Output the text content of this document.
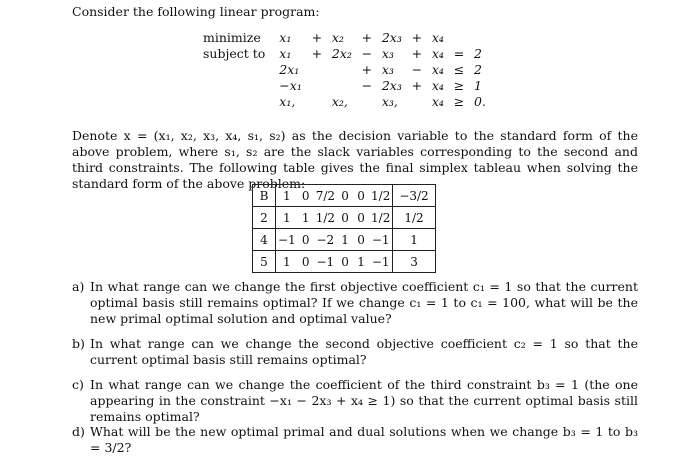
Consider the following linear program:
minimize	x₁	+	x₂	+	2x₃	+	x₄		
subject to	x₁	+	2x₂	−	x₃	+	x₄	=	2
	2x₁			+	x₃	−	x₄	≤	2
	−x₁			−	2x₃	+	x₄	≥	1
	x₁,		x₂,		x₃,		x₄	≥	0.
Denote x = (x₁, x₂, x₃, x₄, s₁, s₂) as the decision variable to the standard form of the above problem, where s₁, s₂ are the slack variables corresponding to the second and third constraints. The following table gives the final simplex tableau when solving the standard form of the above problem:
B	1	0	7/2	0	0	1/2	−3/2
2	1	1	1/2	0	0	1/2	1/2
4	−1	0	−2	1	0	−1	1
5	1	0	−1	0	1	−1	3
a) In what range can we change the first objective coefficient c₁ = 1 so that the current optimal basis still remains optimal? If we change c₁ = 1 to c₁ = 100, what will be the new primal optimal solution and optimal value?
b) In what range can we change the second objective coefficient c₂ = 1 so that the current optimal basis still remains optimal?
c) In what range can we change the coefficient of the third constraint b₃ = 1 (the one appearing in the constraint −x₁ − 2x₃ + x₄ ≥ 1) so that the current optimal basis still remains optimal?
d) What will be the new optimal primal and dual solutions when we change b₃ = 1 to b₃ = 3/2?
